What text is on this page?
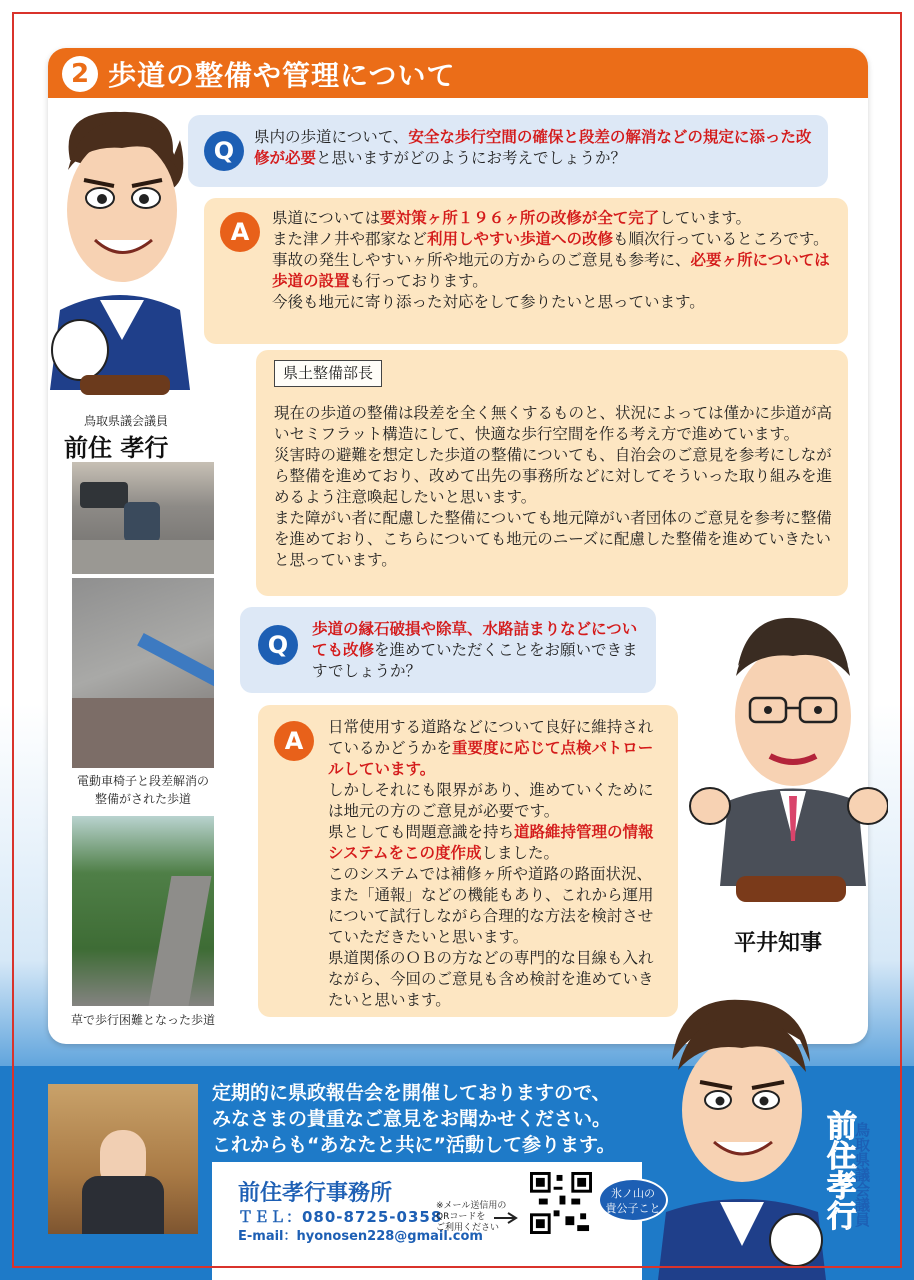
2 歩道の整備や管理について
鳥取県議会議員
前住 孝行
電動車椅子と段差解消の
整備がされた歩道
草で歩行困難となった歩道
Q	県内の歩道について、安全な歩行空間の確保と段差の解消などの規定に添った改修が必要と思いますがどのようにお考えでしょうか？
A	県道については要対策ヶ所１９６ヶ所の改修が全て完了しています。
また津ノ井や郡家など利用しやすい歩道への改修も順次行っているところです。
事故の発生しやすいヶ所や地元の方からのご意見も参考に、必要ヶ所については歩道の設置も行っております。
今後も地元に寄り添った対応をして参りたいと思っています。
県土整備部長
現在の歩道の整備は段差を全く無くするものと、状況によっては僅かに歩道が高いセミフラット構造にして、快適な歩行空間を作る考え方で進めています。
災害時の避難を想定した歩道の整備についても、自治会のご意見を参考にしながら整備を進めており、改めて出先の事務所などに対してそういった取り組みを進めるよう注意喚起したいと思います。
また障がい者に配慮した整備についても地元障がい者団体のご意見を参考に整備を進めており、こちらについても地元のニーズに配慮した整備を進めていきたいと思っています。
Q
歩道の縁石破損や除草、水路詰まりなどについても改修を進めていただくことをお願いできますでしょうか？
A	日常使用する道路などについて良好に維持されているかどうかを重要度に応じて点検パトロールしています。
しかしそれにも限界があり、進めていくためには地元の方のご意見が必要です。
県としても問題意識を持ち道路維持管理の情報システムをこの度作成しました。
このシステムでは補修ヶ所や道路の路面状況、また「通報」などの機能もあり、これから運用について試行しながら合理的な方法を検討させていただきたいと思います。
県道関係のＯＢの方などの専門的な目線も入れながら、今回のご意見も含め検討を進めていきたいと思います。
平井知事
定期的に県政報告会を開催しておりますので、
みなさまの貴重なご意見をお聞かせください。
これからも“あなたと共に”活動して参ります。
前住孝行事務所
ＴＥＬ：080-8725-0358
E-mail：hyonosen228@gmail.com
※メール送信用の
QRコードを
ご利用ください
氷ノ山の
貴公子こと	前住孝行
鳥取県議会議員
